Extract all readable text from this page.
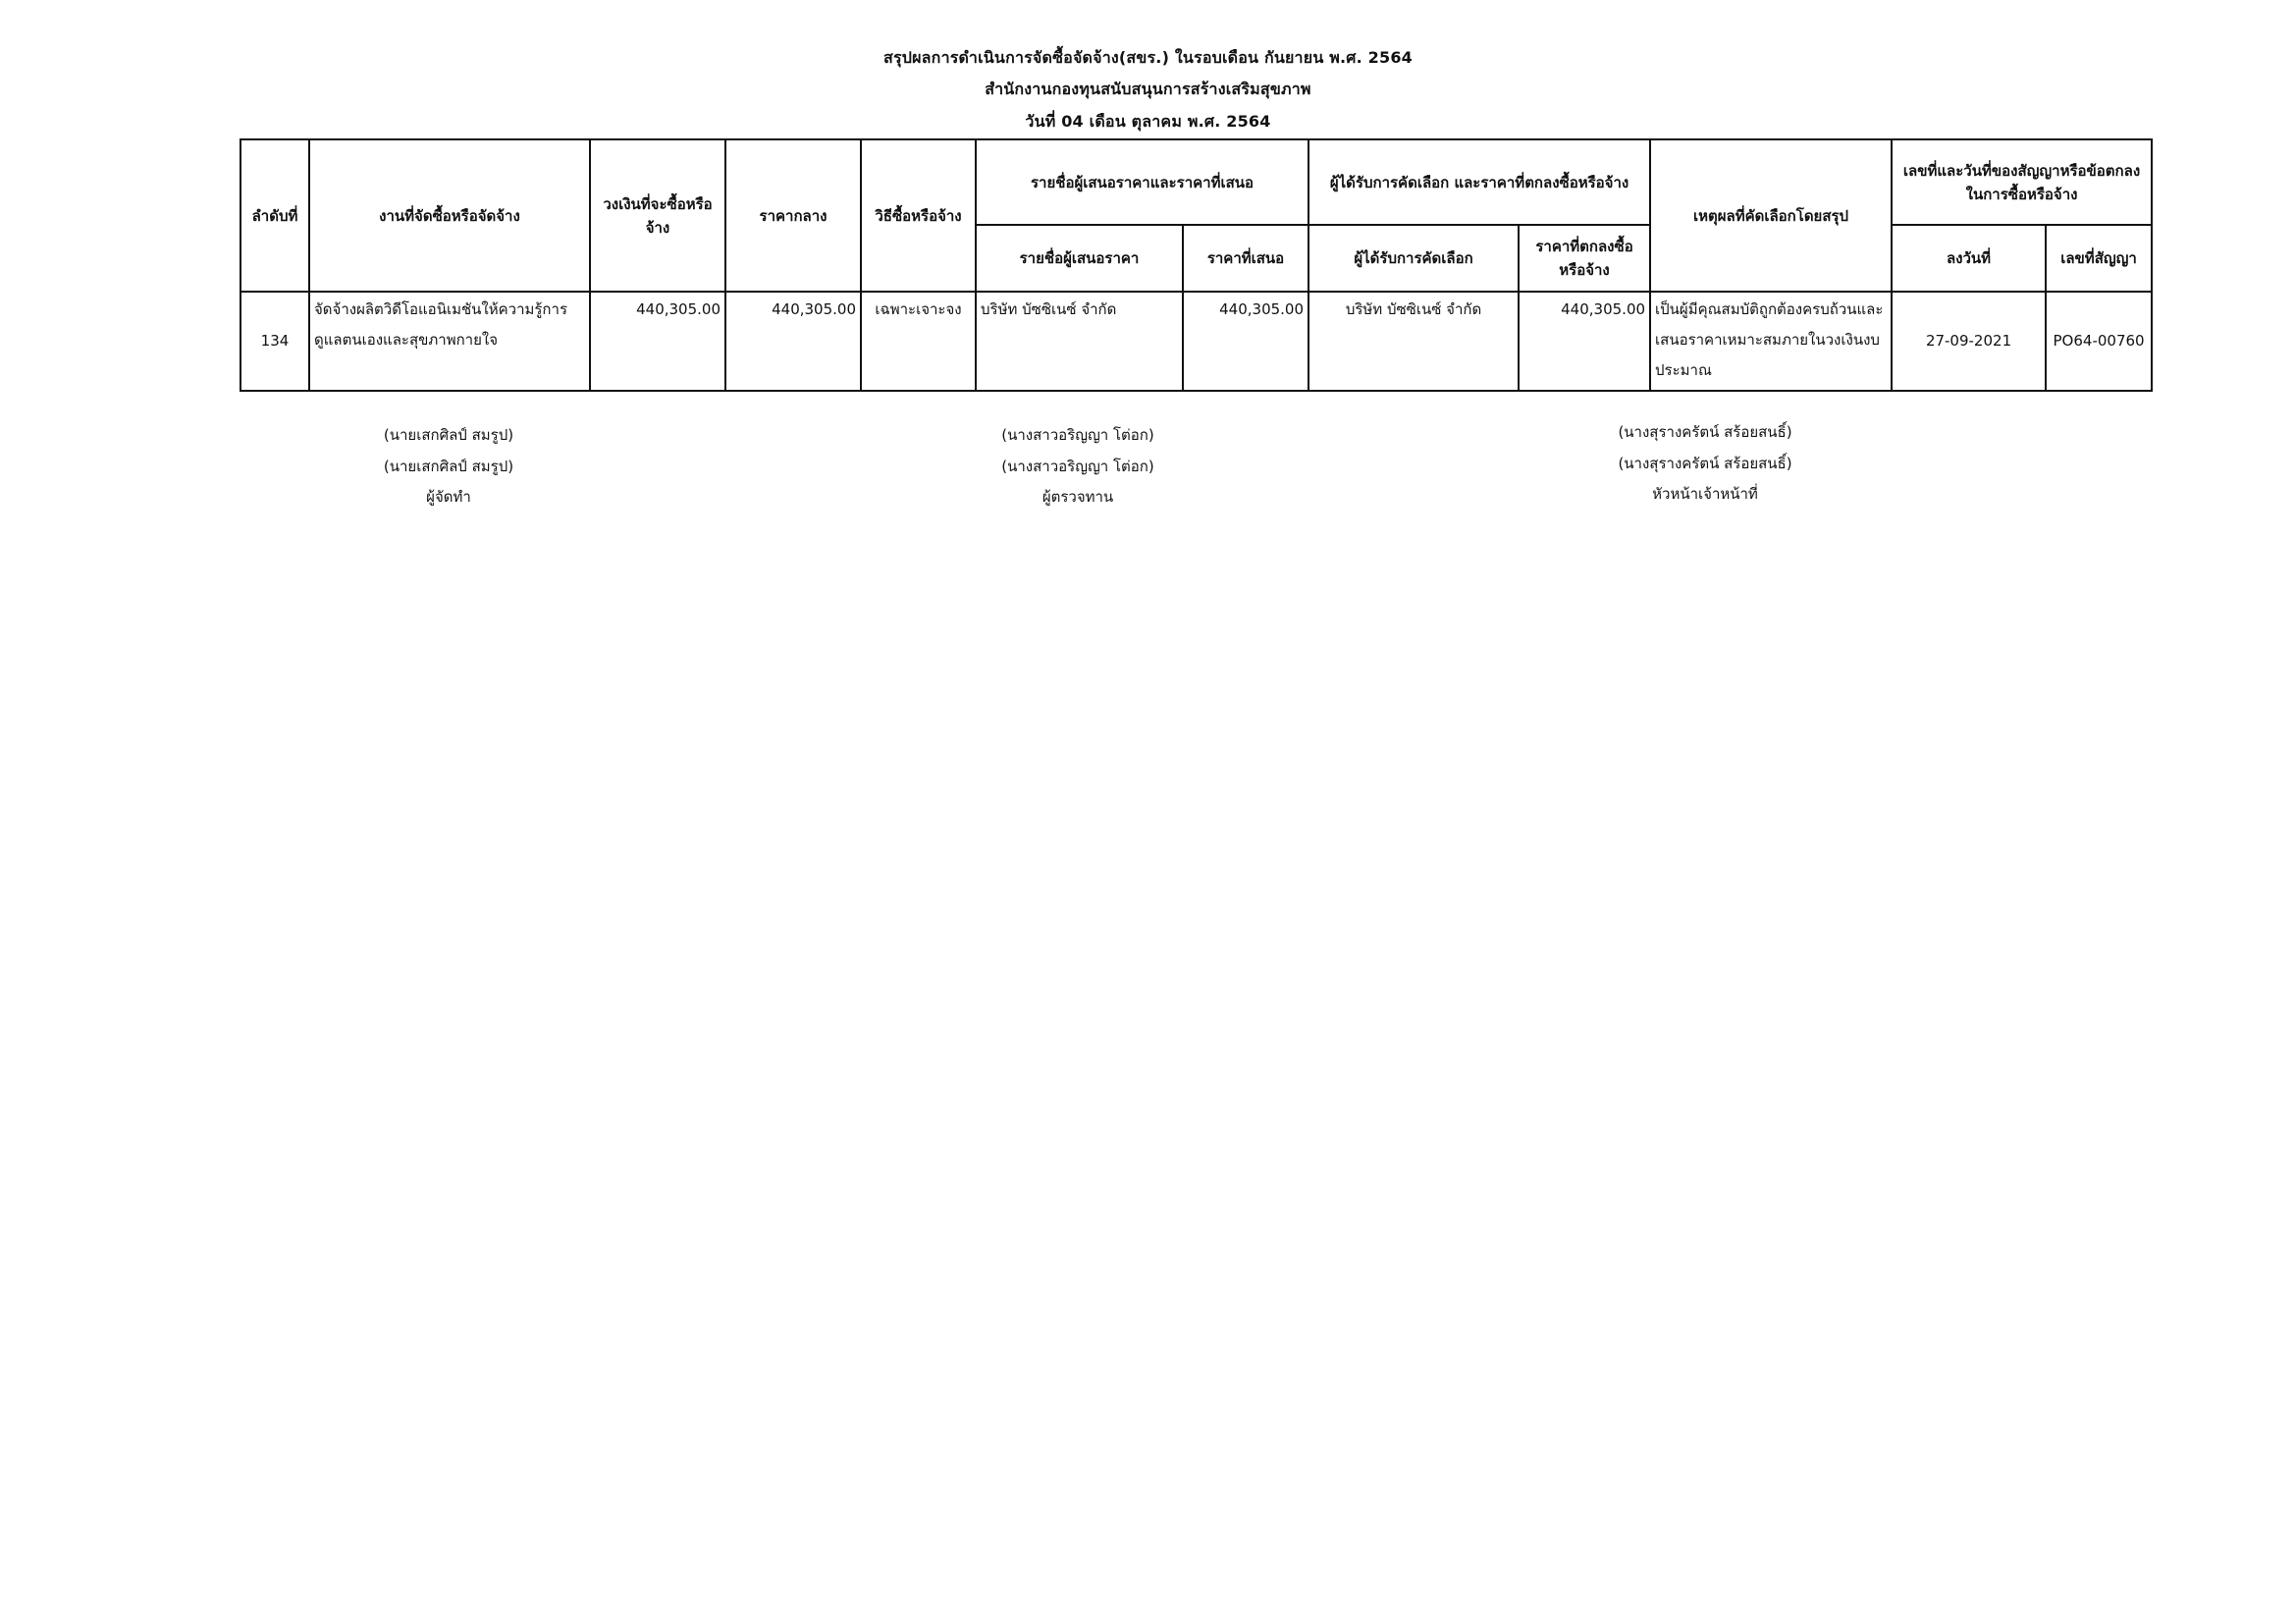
สรุปผลการดำเนินการจัดซื้อจัดจ้าง(สขร.) ในรอบเดือน กันยายน พ.ศ. 2564
สำนักงานกองทุนสนับสนุนการสร้างเสริมสุขภาพ
วันที่ 04 เดือน ตุลาคม พ.ศ. 2564
ลำดับที่	งานที่จัดซื้อหรือจัดจ้าง	วงเงินที่จะซื้อหรือจ้าง	ราคากลาง	วิธีซื้อหรือจ้าง	รายชื่อผู้เสนอราคาและราคาที่เสนอ		ผู้ได้รับการคัดเลือก และราคาที่ตกลงซื้อหรือจ้าง		เหตุผลที่คัดเลือกโดยสรุป	เลขที่และวันที่ของสัญญาหรือข้อตกลงในการซื้อหรือจ้าง	
					รายชื่อผู้เสนอราคา	ราคาที่เสนอ	ผู้ได้รับการคัดเลือก	ราคาที่ตกลงซื้อหรือจ้าง		ลงวันที่	เลขที่สัญญา
134	จัดจ้างผลิตวิดีโอแอนิเมชันให้ความรู้การดูแลตนเองและสุขภาพกายใจ	440,305.00	440,305.00	เฉพาะเจาะจง	บริษัท บัซซิเนซ์ จำกัด	440,305.00	บริษัท บัซซิเนซ์ จำกัด	440,305.00	เป็นผู้มีคุณสมบัติถูกต้องครบถ้วนและเสนอราคาเหมาะสมภายในวงเงินงบประมาณ	27-09-2021	PO64-00760
(นายเสกศิลป์ สมรูป)
(นายเสกศิลป์ สมรูป)
ผู้จัดทำ
(นางสาวอริญญา โต่อก)
(นางสาวอริญญา โต่อก)
ผู้ตรวจทาน
(นางสุรางครัตน์ สร้อยสนธิ์)
(นางสุรางครัตน์ สร้อยสนธิ์)
หัวหน้าเจ้าหน้าที่
